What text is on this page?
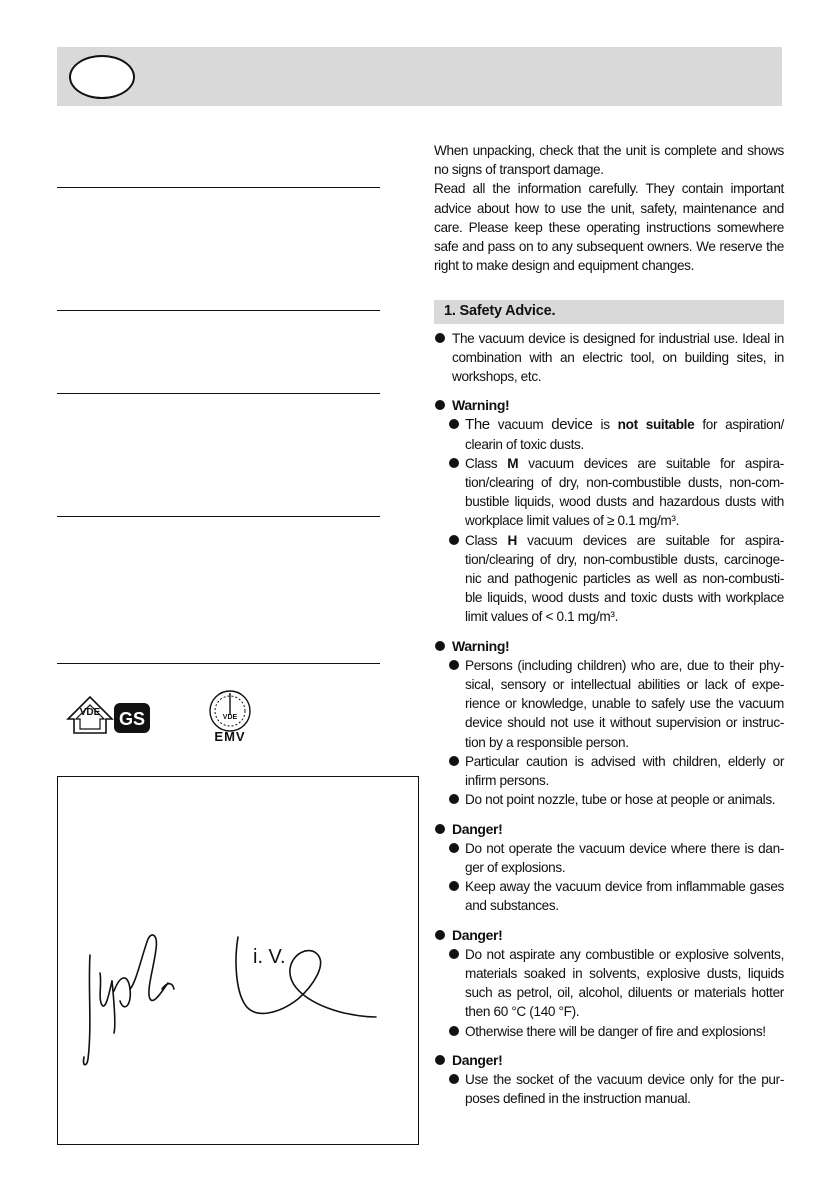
VDE GS	VDE
EMV
i. V.

When unpacking, check that the unit is complete and shows no signs of transport damage.

Read all the information carefully. They contain important advice about how to use the unit, safety, maintenance and care. Please keep these operating instructions somewhere safe and pass on to any subsequent owners. We reserve the right to make design and equipment changes.

1. Safety Advice.
The vacuum device is designed for industrial use. Ideal in combination with an electric tool, on building sites, in workshops, etc.
Warning!
The vacuum device is not suitable for aspiration/ clearin of toxic dusts.
Class M vacuum devices are suitable for aspira- tion/clearing of dry, non-combustible dusts, non-com- bustible liquids, wood dusts and hazardous dusts with workplace limit values of ≥ 0.1 mg/m³.
Class H vacuum devices are suitable for aspira- tion/clearing of dry, non-combustible dusts, carcinoge- nic and pathogenic particles as well as non-combusti- ble liquids, wood dusts and toxic dusts with workplace limit values of < 0.1 mg/m³.
Warning!
Persons (including children) who are, due to their phy- sical, sensory or intellectual abilities or lack of expe- rience or knowledge, unable to safely use the vacuum device should not use it without supervision or instruc- tion by a responsible person.
Particular caution is advised with children, elderly or infirm persons.
Do not point nozzle, tube or hose at people or animals.
Danger!
Do not operate the vacuum device where there is dan- ger of explosions.
Keep away the vacuum device from inflammable gases and substances.
Danger!
Do not aspirate any combustible or explosive solvents, materials soaked in solvents, explosive dusts, liquids such as petrol, oil, alcohol, diluents or materials hotter then 60 °C (140 °F).
Otherwise there will be danger of fire and explosions!
Danger!
Use the socket of the vacuum device only for the pur- poses defined in the instruction manual.
